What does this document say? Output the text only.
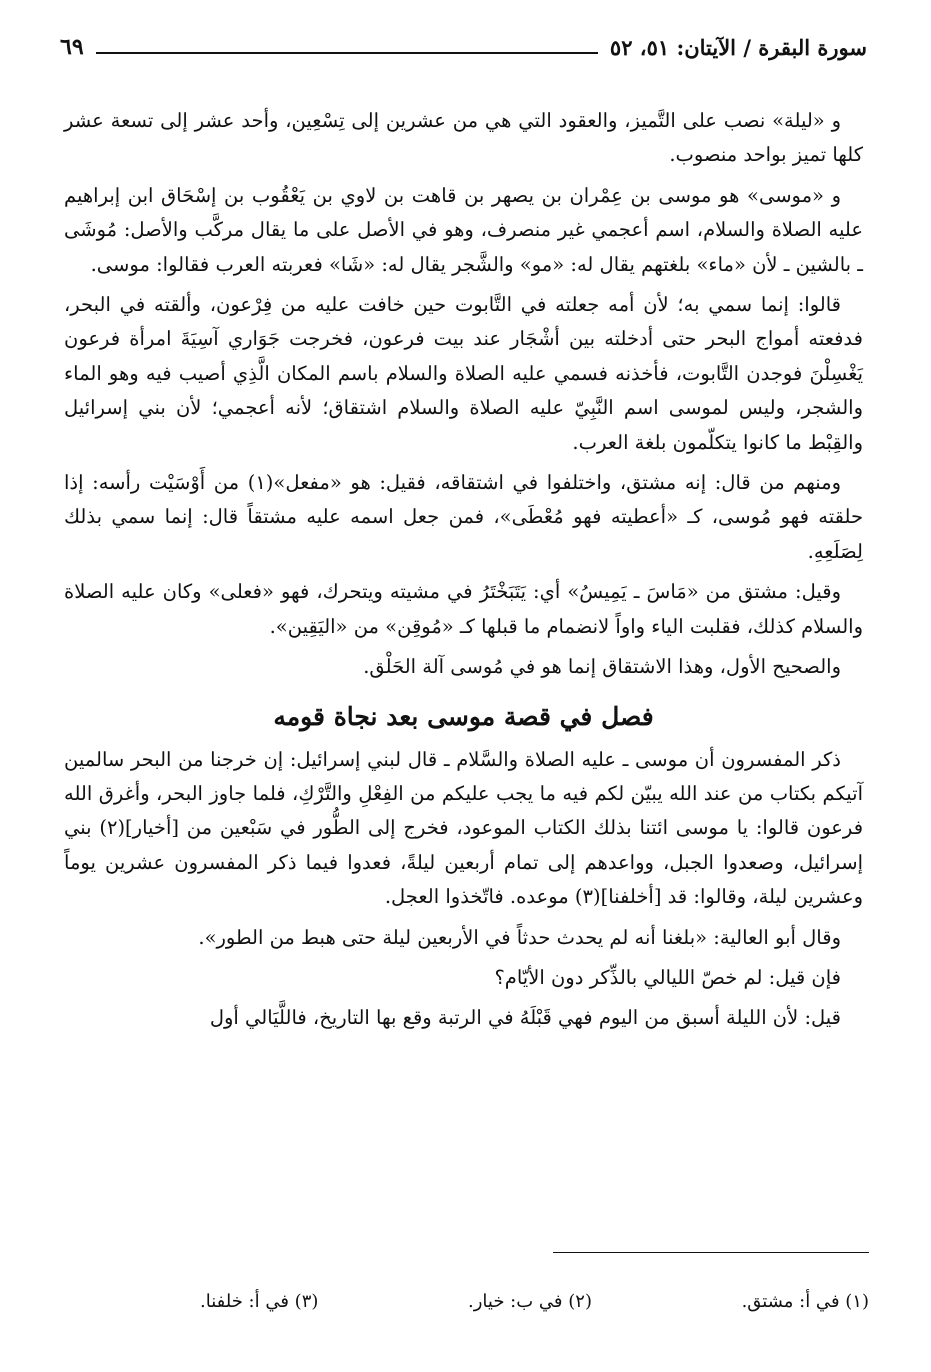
سورة البقرة / الآيتان: ٥١، ٥٢
٦٩

و «ليلة» نصب على التَّميز، والعقود التي هي من عشرين إلى تِسْعِين، وأحد عشر إلى تسعة عشر كلها تميز بواحد منصوب.

و «موسى» هو موسى بن عِمْران بن يصهر بن قاهت بن لاوي بن يَعْقُوب بن إسْحَاق ابن إبراهيم عليه الصلاة والسلام، اسم أعجمي غير منصرف، وهو في الأصل على ما يقال مركَّب والأصل: مُوشَى ـ بالشين ـ لأن «ماء» بلغتهم يقال له: «مو» والشَّجر يقال له: «شَا» فعربته العرب فقالوا: موسى.

قالوا: إنما سمي به؛ لأن أمه جعلته في التَّابوت حين خافت عليه من فِرْعون، وألقته في البحر، فدفعته أمواج البحر حتى أدخلته بين أشْجَار عند بيت فرعون، فخرجت جَوَاري آسِيَةَ امرأة فرعون يَغْسِلْنَ فوجدن التَّابوت، فأخذنه فسمي عليه الصلاة والسلام باسم المكان الَّذِي أصيب فيه وهو الماء والشجر، وليس لموسى اسم النَّبِيّ عليه الصلاة والسلام اشتقاق؛ لأنه أعجمي؛ لأن بني إسرائيل والقِبْط ما كانوا يتكلّمون بلغة العرب.

ومنهم من قال: إنه مشتق، واختلفوا في اشتقاقه، فقيل: هو «مفعل»(١) من أَوْسَيْت رأسه: إذا حلقته فهو مُوسى، كـ «أعطيته فهو مُعْطَى»، فمن جعل اسمه عليه مشتقاً قال: إنما سمي بذلك لِصَلَعِهِ.

وقيل: مشتق من «مَاسَ ـ يَمِيسُ» أي: يَتَبَخْتَرُ في مشيته ويتحرك، فهو «فعلى» وكان عليه الصلاة والسلام كذلك، فقلبت الياء واواً لانضمام ما قبلها كـ «مُوقِن» من «اليَقِين».

والصحيح الأول، وهذا الاشتقاق إنما هو في مُوسى آلة الحَلْق.

فصل في قصة موسى بعد نجاة قومه

ذكر المفسرون أن موسى ـ عليه الصلاة والسَّلام ـ قال لبني إسرائيل: إن خرجنا من البحر سالمين آتيكم بكتاب من عند الله يبيّن لكم فيه ما يجب عليكم من الفِعْلِ والتَّرْكِ، فلما جاوز البحر، وأغرق الله فرعون قالوا: يا موسى ائتنا بذلك الكتاب الموعود، فخرج إلى الطُّور في سَبْعين من [أخيار](٢) بني إسرائيل، وصعدوا الجبل، وواعدهم إلى تمام أربعين ليلةً، فعدوا فيما ذكر المفسرون عشرين يوماً وعشرين ليلة، وقالوا: قد [أخلفنا](٣) موعده. فاتّخذوا العجل.

وقال أبو العالية: «بلغنا أنه لم يحدث حدثاً في الأربعين ليلة حتى هبط من الطور».

فإن قيل: لم خصّ الليالي بالذِّكر دون الأيّام؟

قيل: لأن الليلة أسبق من اليوم فهي قَبْلَهُ في الرتبة وقع بها التاريخ، فاللَّيَالي أول

(١) في أ: مشتق.
(٢) في ب: خيار.
(٣) في أ: خلفنا.
